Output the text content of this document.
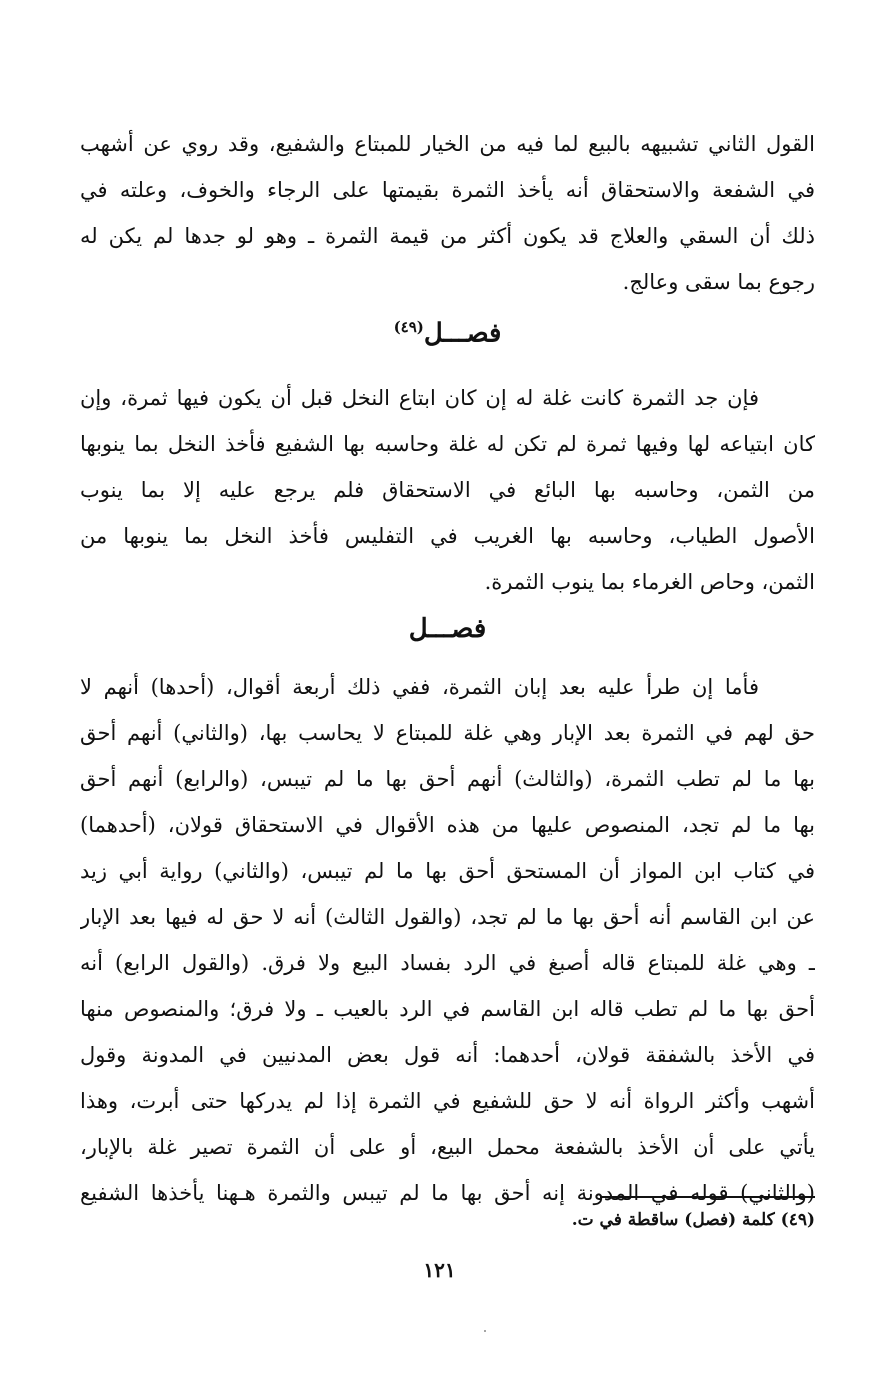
القول الثاني تشبيهه بالبيع لما فيه من الخيار للمبتاع والشفيع، وقد روي عن أشهب
في الشفعة والاستحقاق أنه يأخذ الثمرة بقيمتها على الرجاء والخوف، وعلته في
ذلك أن السقي والعلاج قد يكون أكثر من قيمة الثمرة ـ وهو لو جدها لم يكن له
رجوع بما سقى وعالج.
فصـــل$^{(٤٩)}$
فإن جد الثمرة كانت غلة له إن كان ابتاع النخل قبل أن يكون فيها ثمرة، وإن
كان ابتياعه لها وفيها ثمرة لم تكن له غلة وحاسبه بها الشفيع فأخذ النخل بما ينوبها
من الثمن، وحاسبه بها البائع في الاستحقاق فلم يرجع عليه إلا بما ينوب
الأصول الطياب، وحاسبه بها الغريب في التفليس فأخذ النخل بما ينوبها من
الثمن، وحاص الغرماء بما ينوب الثمرة.
فصـــل
فأما إن طرأ عليه بعد إبان الثمرة، ففي ذلك أربعة أقوال، (أحدها) أنهم لا
حق لهم في الثمرة بعد الإبار وهي غلة للمبتاع لا يحاسب بها، (والثاني) أنهم أحق
بها ما لم تطب الثمرة، (والثالث) أنهم أحق بها ما لم تيبس، (والرابع) أنهم أحق
بها ما لم تجد، المنصوص عليها من هذه الأقوال في الاستحقاق قولان، (أحدهما)
في كتاب ابن المواز أن المستحق أحق بها ما لم تيبس، (والثاني) رواية أبي زيد
عن ابن القاسم أنه أحق بها ما لم تجد، (والقول الثالث) أنه لا حق له فيها بعد الإبار
ـ وهي غلة للمبتاع قاله أصبغ في الرد بفساد البيع ولا فرق. (والقول الرابع) أنه
أحق بها ما لم تطب قاله ابن القاسم في الرد بالعيب ـ ولا فرق؛ والمنصوص منها
في الأخذ بالشفقة قولان، أحدهما: أنه قول بعض المدنيين في المدونة وقول
أشهب وأكثر الرواة أنه لا حق للشفيع في الثمرة إذا لم يدركها حتى أبرت، وهذا
يأتي على أن الأخذ بالشفعة محمل البيع، أو على أن الثمرة تصير غلة بالإبار،
(والثاني) قوله في المدونة إنه أحق بها ما لم تيبس والثمرة هـهنا يأخذها الشفيع
(٤٩) كلمة (فصل) ساقطة في ت.
١٢١
